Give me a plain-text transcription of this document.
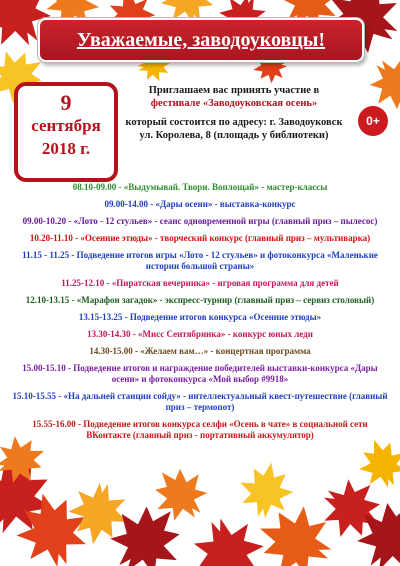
Уважаемые, заводоуковцы!
9
сентября
2018 г.
Приглашаем вас принять участие в
фестивале «Заводоуковская осень»
который состоится по адресу: г. Заводоуковск
ул. Королева, 8 (площадь у библиотеки)
0+
08.10-09.00 - «Выдумывай. Твори. Воплощай» - мастер-классы
09.00-14.00 - «Дары осени» - выставка-конкурс
09.00-10.20 - «Лото - 12 стульев» - сеанс одновременной игры (главный приз – пылесос)
10.20-11.10 - «Осенние этюды» - творческий конкурс (главный приз – мультиварка)
11.15 - 11.25 - Подведение итогов игры «Лото - 12 стульев» и фотоконкурса «Маленькие истории большой страны»
11.25-12.10 - «Пиратская вечеринка» - игровая программа для детей
12.10-13.15 - «Марафон загадок» - экспресс-турнир (главный приз – сервиз столовый)
13.15-13.25 - Подведение итогов конкурса «Осенние этюды»
13.30-14.30 - «Мисс Сентябринка» - конкурс юных леди
14.30-15.00 - «Желаем вам…» - концертная программа
15.00-15.10 - Подведение итогов и награждение победителей выставки-конкурса «Дары осени» и фотоконкурса «Мой выбор #9918»
15.10-15.55 - «На дальней станции сойду» - интеллектуальный квест-путешествие (главный приз – термопот)
15.55-16.00 - Подведение итогов конкурса селфи «Осень в чате» в социальной сети ВКонтакте (главный приз - портативный аккумулятор)
